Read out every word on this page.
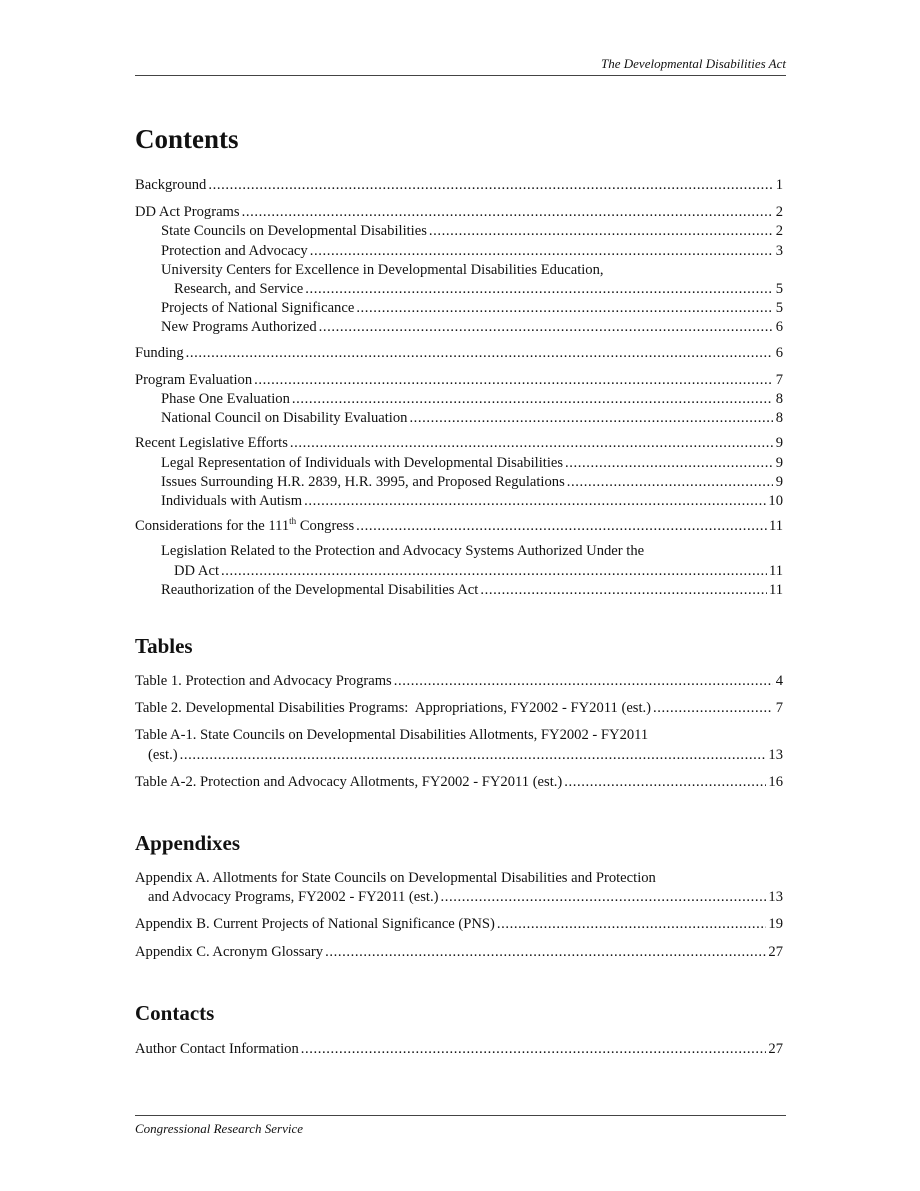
The Developmental Disabilities Act
Contents
Background .....	1
DD Act Programs .....	2
State Councils on Developmental Disabilities .....	2
Protection and Advocacy .....	3
University Centers for Excellence in Developmental Disabilities Education,
Research, and Service .....	5
Projects of National Significance .....	5
New Programs Authorized .....	6
Funding .....	6
Program Evaluation .....	7
Phase One Evaluation .....	8
National Council on Disability Evaluation .....	8
Recent Legislative Efforts .....	9
Legal Representation of Individuals with Developmental Disabilities .....	9
Issues Surrounding H.R. 2839, H.R. 3995, and Proposed Regulations .....	9
Individuals with Autism .....	10
Considerations for the 111th Congress .....	11
Legislation Related to the Protection and Advocacy Systems Authorized Under the
DD Act .....	11
Reauthorization of the Developmental Disabilities Act .....	11
Tables
Table 1. Protection and Advocacy Programs .....	4
Table 2. Developmental Disabilities Programs:  Appropriations, FY2002 - FY2011 (est.) .....	7
Table A-1. State Councils on Developmental Disabilities Allotments, FY2002 - FY2011
(est.) .....	13
Table A-2. Protection and Advocacy Allotments, FY2002 - FY2011 (est.) .....	16
Appendixes
Appendix A. Allotments for State Councils on Developmental Disabilities and Protection
and Advocacy Programs, FY2002 - FY2011 (est.) .....	13
Appendix B. Current Projects of National Significance (PNS) .....	19
Appendix C. Acronym Glossary .....	27
Contacts
Author Contact Information .....	27
Congressional Research Service
